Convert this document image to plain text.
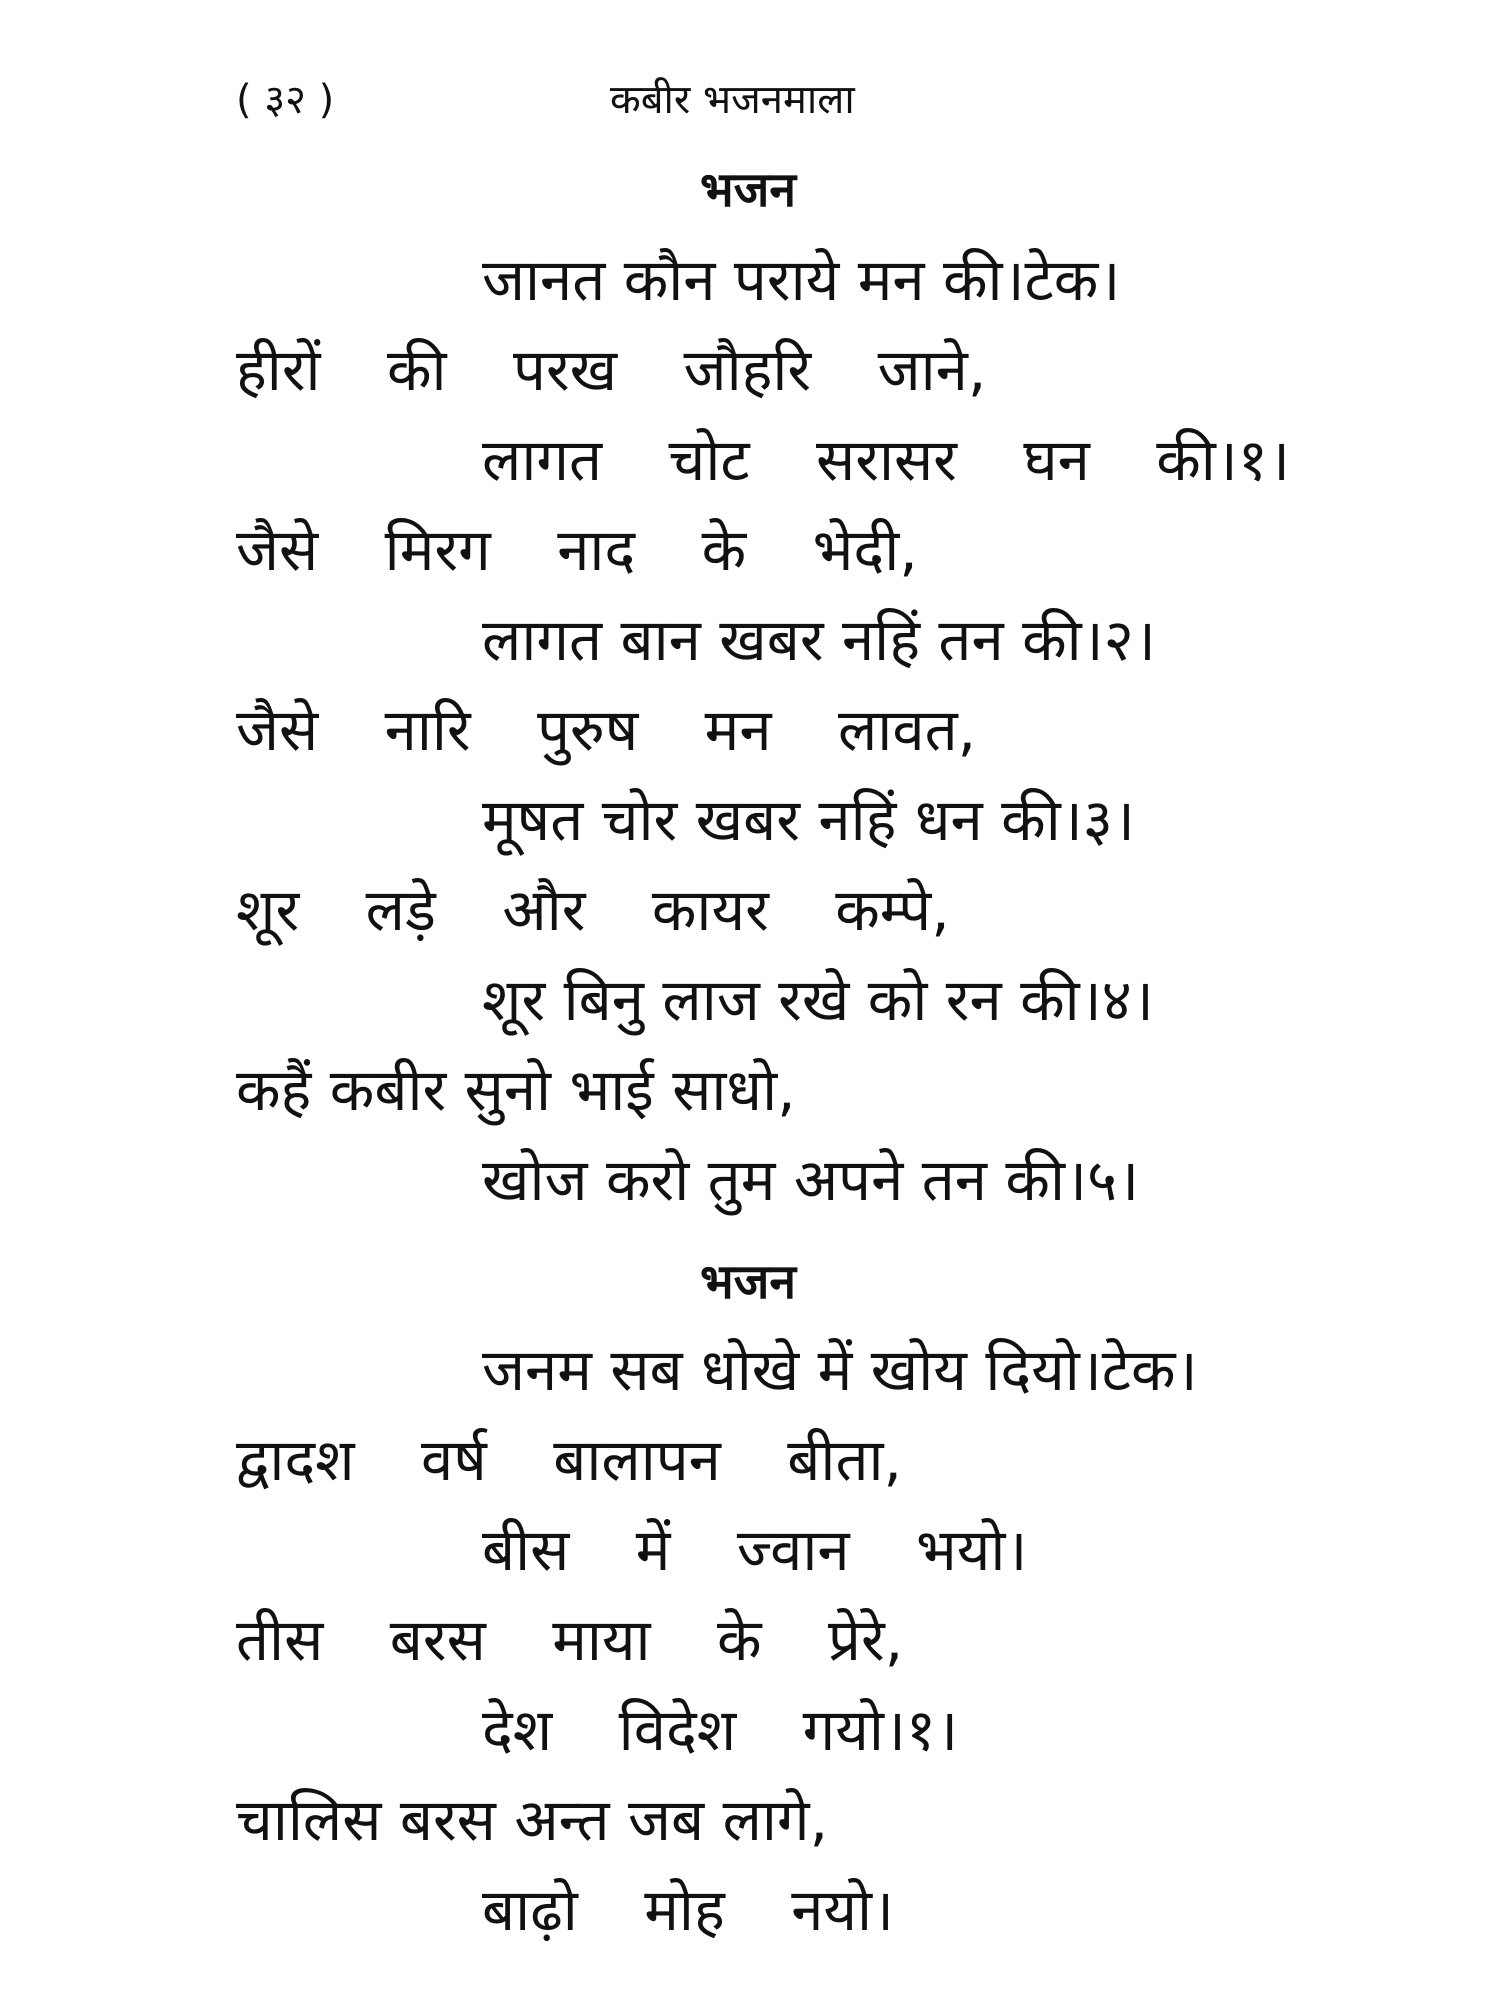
( ३२ )	कबीर भजनमाला
भजन
जानत कौन पराये मन की।टेक।
हीरों की परख जौहरि जाने,
लागत चोट सरासर घन की।१।
जैसे मिरग नाद के भेदी,
लागत बान खबर नहिं तन की।२।
जैसे नारि पुरुष मन लावत,
मूषत चोर खबर नहिं धन की।३।
शूर लड़े और कायर कम्पे,
शूर बिनु लाज रखे को रन की।४।
कहैं कबीर सुनो भाई साधो,
खोज करो तुम अपने तन की।५।
भजन
जनम सब धोखे में खोय दियो।टेक।
द्वादश वर्ष बालापन बीता,
बीस में ज्वान भयो।
तीस बरस माया के प्रेरे,
देश विदेश गयो।१।
चालिस बरस अन्त जब लागे,
बाढ़ो मोह नयो।
